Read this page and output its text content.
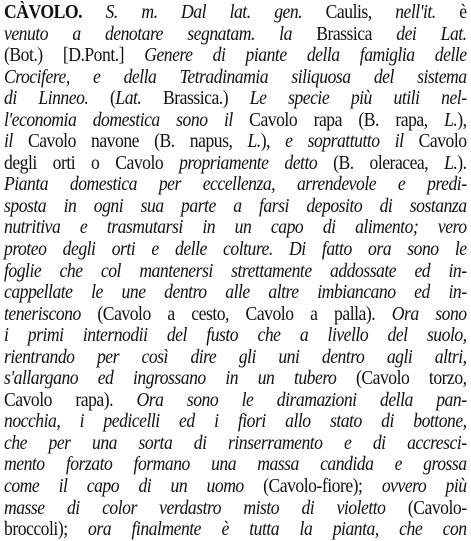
CÀVOLO. S. m. Dal lat. gen. Caulis, nell'it. è
venuto a denotare segnatam. la Brassica dei Lat.
(Bot.) [D.Pont.] Genere di piante della famiglia delle
Crocifere, e della Tetradinamia siliquosa del sistema
di Linneo. (Lat. Brassica.) Le specie più utili nel-
l'economia domestica sono il Cavolo rapa (B. rapa, L.),
il Cavolo navone (B. napus, L.), e soprattutto il Cavolo
degli orti o Cavolo propriamente detto (B. oleracea, L.).
Pianta domestica per eccellenza, arrendevole e predi-
sposta in ogni sua parte a farsi deposito di sostanza
nutritiva e trasmutarsi in un capo di alimento; vero
proteo degli orti e delle colture. Di fatto ora sono le
foglie che col mantenersi strettamente addossate ed in-
cappellate le une dentro alle altre imbiancano ed in-
teneriscono (Cavolo a cesto, Cavolo a palla). Ora sono
i primi internodii del fusto che a livello del suolo,
rientrando per così dire gli uni dentro agli altri,
s'allargano ed ingrossano in un tubero (Cavolo torzo,
Cavolo rapa). Ora sono le diramazioni della pan-
nocchia, i pedicelli ed i fiori allo stato di bottone,
che per una sorta di rinserramento e di accresci-
mento forzato formano una massa candida e grossa
come il capo di un uomo (Cavolo-fiore); ovvero più
masse di color verdastro misto di violetto (Cavolo-
broccoli); ora finalmente è tutta la pianta, che con
